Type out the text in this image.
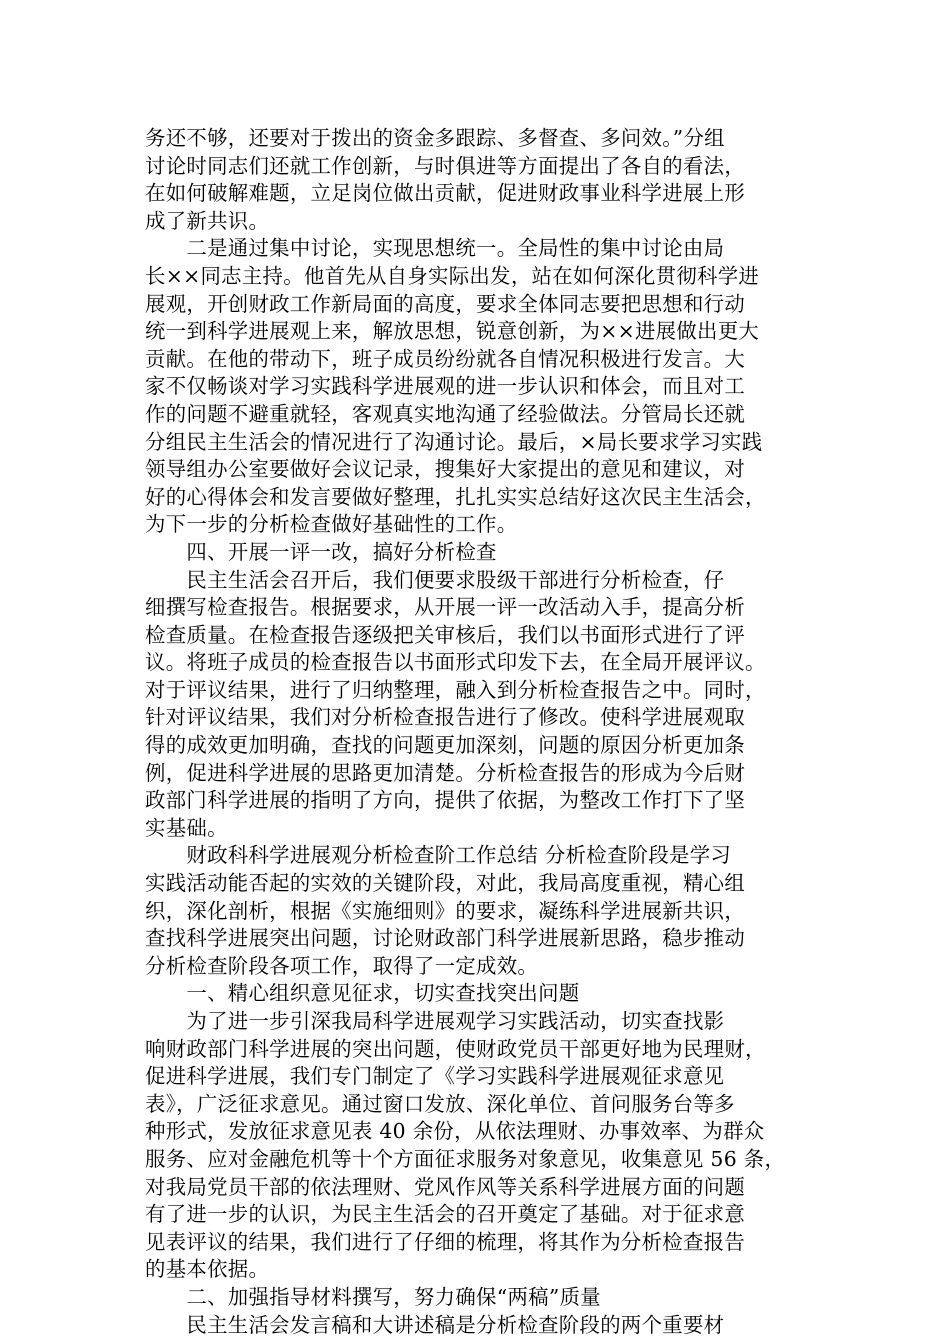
务还不够，还要对于拨出的资金多跟踪、多督查、多问效。”分组
讨论时同志们还就工作创新，与时俱进等方面提出了各自的看法，
在如何破解难题，立足岗位做出贡献，促进财政事业科学进展上形
成了新共识。
　　二是通过集中讨论，实现思想统一。全局性的集中讨论由局
长××同志主持。他首先从自身实际出发，站在如何深化贯彻科学进
展观，开创财政工作新局面的高度，要求全体同志要把思想和行动
统一到科学进展观上来，解放思想，锐意创新，为××进展做出更大
贡献。在他的带动下，班子成员纷纷就各自情况积极进行发言。大
家不仅畅谈对学习实践科学进展观的进一步认识和体会，而且对工
作的问题不避重就轻，客观真实地沟通了经验做法。分管局长还就
分组民主生活会的情况进行了沟通讨论。最后，×局长要求学习实践
领导组办公室要做好会议记录，搜集好大家提出的意见和建议，对
好的心得体会和发言要做好整理，扎扎实实总结好这次民主生活会，
为下一步的分析检查做好基础性的工作。
　　四、开展一评一改，搞好分析检查
　　民主生活会召开后，我们便要求股级干部进行分析检查，仔
细撰写检查报告。根据要求，从开展一评一改活动入手，提高分析
检查质量。在检查报告逐级把关审核后，我们以书面形式进行了评
议。将班子成员的检查报告以书面形式印发下去，在全局开展评议。
对于评议结果，进行了归纳整理，融入到分析检查报告之中。同时，
针对评议结果，我们对分析检查报告进行了修改。使科学进展观取
得的成效更加明确，查找的问题更加深刻，问题的原因分析更加条
例，促进科学进展的思路更加清楚。分析检查报告的形成为今后财
政部门科学进展的指明了方向，提供了依据，为整改工作打下了坚
实基础。
　　财政科科学进展观分析检查阶工作总结 分析检查阶段是学习
实践活动能否起的实效的关键阶段，对此，我局高度重视，精心组
织，深化剖析，根据《实施细则》的要求，凝练科学进展新共识，
查找科学进展突出问题，讨论财政部门科学进展新思路，稳步推动
分析检查阶段各项工作，取得了一定成效。
　　一、精心组织意见征求，切实查找突出问题
　　为了进一步引深我局科学进展观学习实践活动，切实查找影
响财政部门科学进展的突出问题，使财政党员干部更好地为民理财，
促进科学进展，我们专门制定了《学习实践科学进展观征求意见
表》，广泛征求意见。通过窗口发放、深化单位、首问服务台等多
种形式，发放征求意见表 40 余份，从依法理财、办事效率、为群众
服务、应对金融危机等十个方面征求服务对象意见，收集意见 56 条，
对我局党员干部的依法理财、党风作风等关系科学进展方面的问题
有了进一步的认识，为民主生活会的召开奠定了基础。对于征求意
见表评议的结果，我们进行了仔细的梳理，将其作为分析检查报告
的基本依据。
　　二、加强指导材料撰写，努力确保“两稿”质量
　　民主生活会发言稿和大讲述稿是分析检查阶段的两个重要材
